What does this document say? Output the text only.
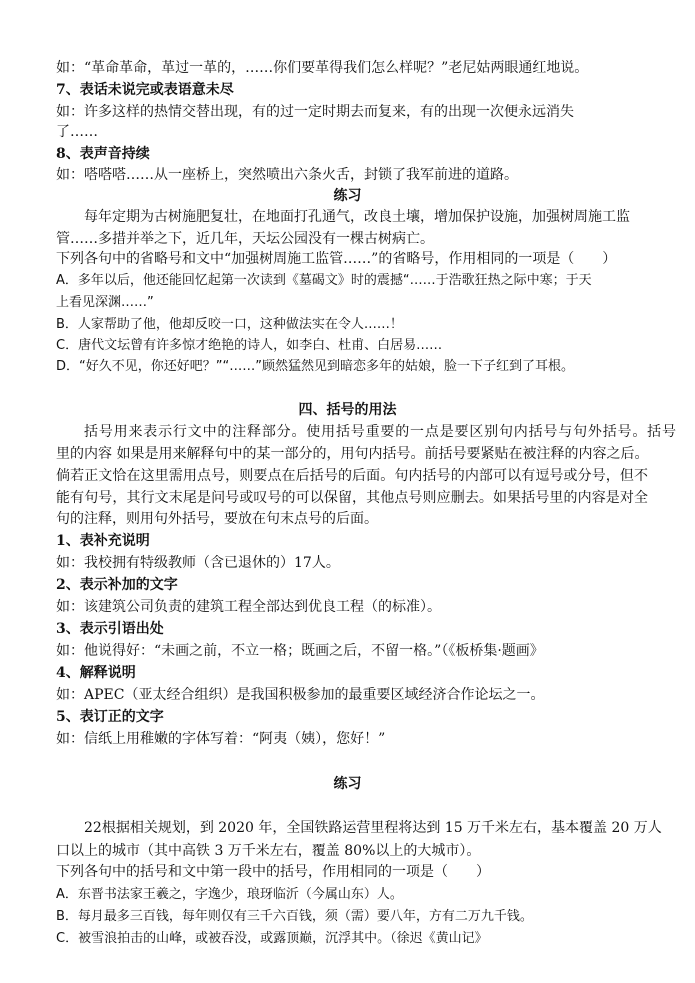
如：“革命革命，革过一革的，……你们要革得我们怎么样呢？”老尼姑两眼通红地说。
7、表话未说完或表语意未尽
如：许多这样的热情交替出现，有的过一定时期去而复来，有的出现一次便永远消失
了……
8、表声音持续
如：嗒嗒嗒……从一座桥上，突然喷出六条火舌，封锁了我军前进的道路。
练习
每年定期为古树施肥复壮，在地面打孔通气，改良土壤，增加保护设施，加强树周施工监
管……多措并举之下，近几年，天坛公园没有一棵古树病亡。
下列各句中的省略号和文中“加强树周施工监管……”的省略号，作用相同的一项是（　　）
A．多年以后，他还能回忆起第一次读到《墓碣文》时的震撼“……于浩歌狂热之际中寒；于天
上看见深渊……”
B．人家帮助了他，他却反咬一口，这种做法实在令人……！
C．唐代文坛曾有许多惊才绝艳的诗人，如李白、杜甫、白居易……
D．“好久不见，你还好吧？”“……”顾然猛然见到暗恋多年的姑娘，脸一下子红到了耳根。
四、括号的用法
括号用来表示行文中的注释部分。使用括号重要的一点是要区别句内括号与句外括号。括号
里的内容 如果是用来解释句中的某一部分的，用句内括号。前括号要紧贴在被注释的内容之后。
倘若正文恰在这里需用点号，则要点在后括号的后面。句内括号的内部可以有逗号或分号，但不
能有句号，其行文末尾是问号或叹号的可以保留，其他点号则应删去。如果括号里的内容是对全
句的注释，则用句外括号，要放在句末点号的后面。
1、表补充说明
如：我校拥有特级教师（含已退休的）17人。
2、表示补加的文字
如：该建筑公司负责的建筑工程全部达到优良工程（的标准）。
3、表示引语出处
如：他说得好：“未画之前，不立一格；既画之后，不留一格。”（《板桥集·题画》
4、解释说明
如：APEC（亚太经合组织）是我国积极参加的最重要区域经济合作论坛之一。
5、表订正的文字
如：信纸上用稚嫩的字体写着：“阿夷（姨），您好！”
练习
22根据相关规划，到 2020 年，全国铁路运营里程将达到 15 万千米左右，基本覆盖 20 万人
口以上的城市（其中高铁 3 万千米左右，覆盖 80%以上的大城市）。
下列各句中的括号和文中第一段中的括号，作用相同的一项是（　　）
A．东晋书法家王羲之，字逸少，琅玡临沂（今属山东）人。
B．每月最多三百钱，每年则仅有三千六百钱，须（需）要八年，方有二万九千钱。
C．被雪浪拍击的山峰，或被吞没，或露顶巅，沉浮其中。（徐迟《黄山记》
